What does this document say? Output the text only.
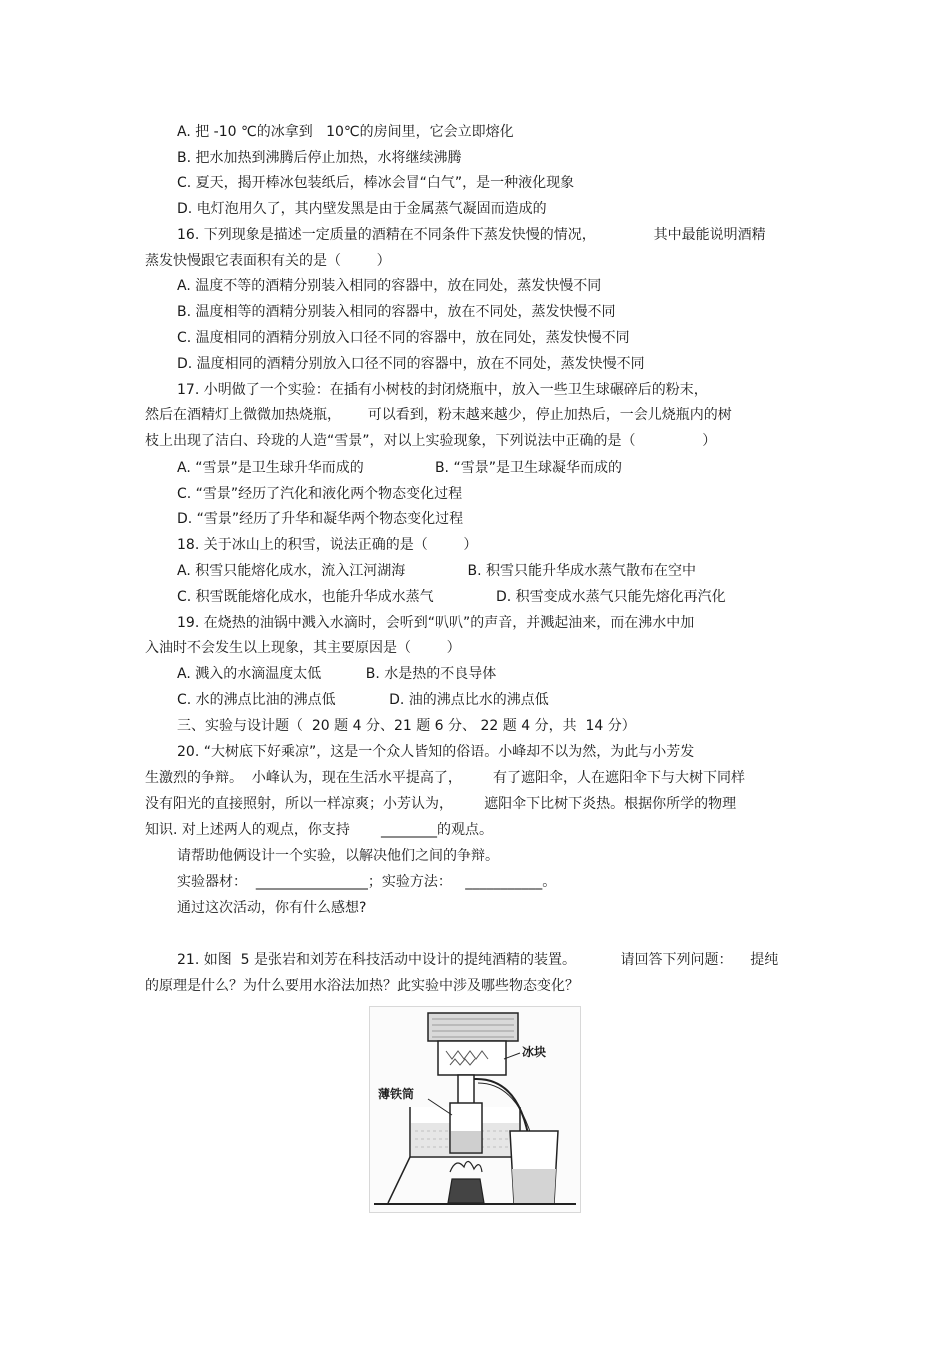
A. 把 -10 ℃的冰拿到   10℃的房间里，它会立即熔化
B. 把水加热到沸腾后停止加热，水将继续沸腾
C. 夏天，揭开棒冰包装纸后，棒冰会冒“白气”，是一种液化现象
D. 电灯泡用久了，其内壁发黑是由于金属蒸气凝固而造成的
16. 下列现象是描述一定质量的酒精在不同条件下蒸发快慢的情况，             其中最能说明酒精
蒸发快慢跟它表面积有关的是（        ）
A. 温度不等的酒精分别装入相同的容器中，放在同处，蒸发快慢不同
B. 温度相等的酒精分别装入相同的容器中，放在不同处，蒸发快慢不同
C. 温度相同的酒精分别放入口径不同的容器中，放在同处，蒸发快慢不同
D. 温度相同的酒精分别放入口径不同的容器中，放在不同处，蒸发快慢不同
17. 小明做了一个实验：在插有小树枝的封闭烧瓶中，放入一些卫生球碾碎后的粉末，
然后在酒精灯上微微加热烧瓶，      可以看到，粉末越来越少，停止加热后，一会儿烧瓶内的树
枝上出现了洁白、玲珑的人造“雪景”，对以上实验现象，下列说法中正确的是（               ）
A. “雪景”是卫生球升华而成的                B. “雪景”是卫生球凝华而成的
C. “雪景”经历了汽化和液化两个物态变化过程
D. “雪景”经历了升华和凝华两个物态变化过程
18. 关于冰山上的积雪，说法正确的是（        ）
A. 积雪只能熔化成水，流入江河湖海              B. 积雪只能升华成水蒸气散布在空中
C. 积雪既能熔化成水，也能升华成水蒸气              D. 积雪变成水蒸气只能先熔化再汽化
19. 在烧热的油锅中溅入水滴时，会听到“叭叭”的声音，并溅起油来，而在沸水中加
入油时不会发生以上现象，其主要原因是（        ）
A. 溅入的水滴温度太低          B. 水是热的不良导体
C. 水的沸点比油的沸点低            D. 油的沸点比水的沸点低
三、实验与设计题（  20 题 4 分、21 题 6 分、 22 题 4 分，共  14 分）
20. “大树底下好乘凉”，这是一个众人皆知的俗语。小峰却不以为然，为此与小芳发
生激烈的争辩。  小峰认为，现在生活水平提高了，       有了遮阳伞，人在遮阳伞下与大树下同样
没有阳光的直接照射，所以一样凉爽；小芳认为，       遮阳伞下比树下炎热。根据你所学的物理
知识. 对上述两人的观点，你支持       ________的观点。
请帮助他俩设计一个实验，以解决他们之间的争辩。
实验器材：  ________________；实验方法：   ___________。
通过这次活动，你有什么感想?
21. 如图  5 是张岩和刘芳在科技活动中设计的提纯酒精的装置。          请回答下列问题：    提纯
的原理是什么？为什么要用水浴法加热？此实验中涉及哪些物态变化？
冰块
薄铁筒
